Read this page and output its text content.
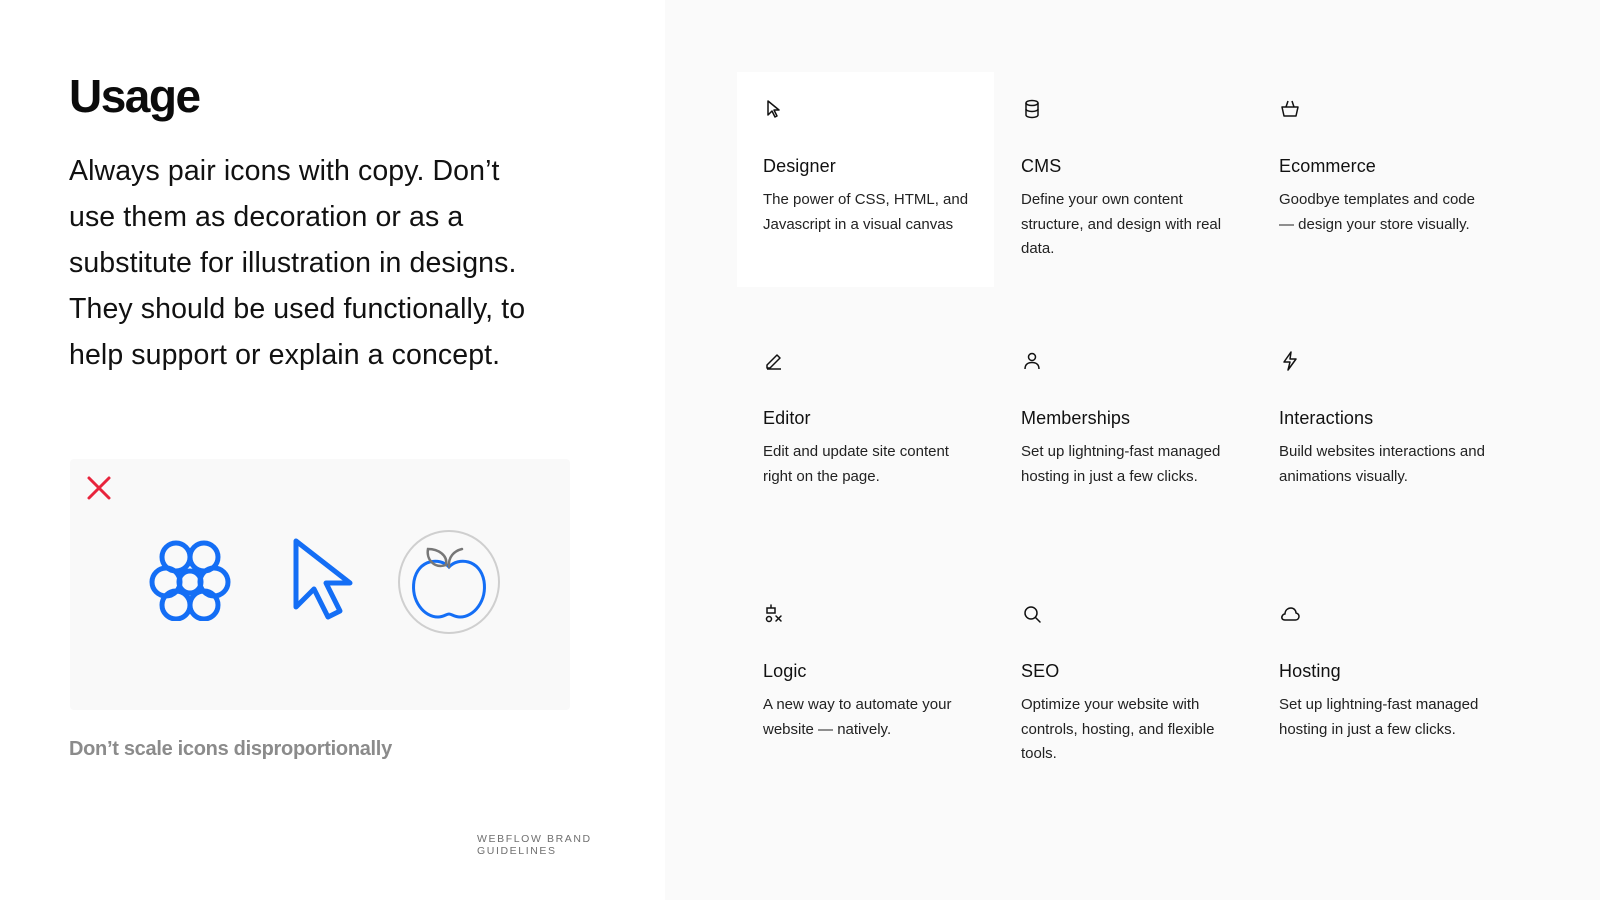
Usage

Always pair icons with copy. Don’t use them as decoration or as a substitute for illustration in designs. They should be used functionally, to help support or explain a concept.

Don’t scale icons disproportionally

WEBFLOW BRAND GUIDELINES

Designer

The power of CSS, HTML, and Javascript in a visual canvas

CMS

Define your own content structure, and design with real data.

Ecommerce

Goodbye templates and code — design your store visually.

Editor

Edit and update site content right on the page.

Memberships

Set up lightning-fast managed hosting in just a few clicks.

Interactions

Build websites interactions and animations visually.

Logic

A new way to automate your website — natively.

SEO

Optimize your website with controls, hosting, and flexible tools.

Hosting

Set up lightning-fast managed hosting in just a few clicks.
